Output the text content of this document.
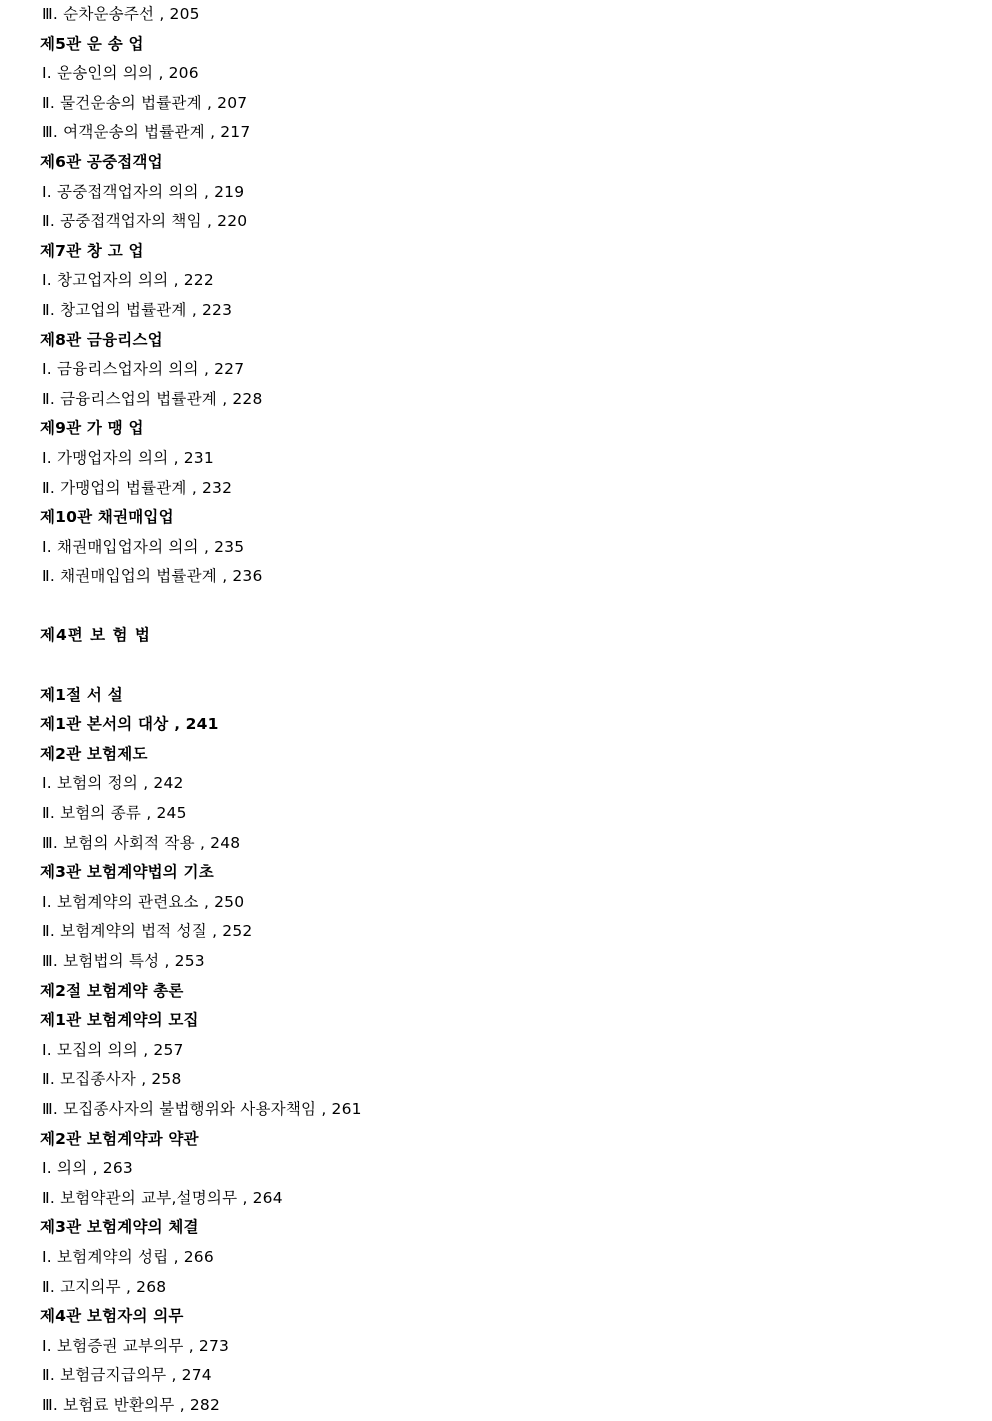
Ⅲ. 순차운송주선 ‚ 205
제5관 운 송 업
Ⅰ. 운송인의 의의 ‚ 206
Ⅱ. 물건운송의 법률관계 ‚ 207
Ⅲ. 여객운송의 법률관계 ‚ 217
제6관 공중접객업
Ⅰ. 공중접객업자의 의의 ‚ 219
Ⅱ. 공중접객업자의 책임 ‚ 220
제7관 창 고 업
Ⅰ. 창고업자의 의의 ‚ 222
Ⅱ. 창고업의 법률관계 ‚ 223
제8관 금융리스업
Ⅰ. 금융리스업자의 의의 ‚ 227
Ⅱ. 금융리스업의 법률관계 ‚ 228
제9관 가 맹 업
Ⅰ. 가맹업자의 의의 ‚ 231
Ⅱ. 가맹업의 법률관계 ‚ 232
제10관 채권매입업
Ⅰ. 채권매입업자의 의의 ‚ 235
Ⅱ. 채권매입업의 법률관계 ‚ 236
제4편 보 험 법
제1절 서 설
제1관 본서의 대상 ‚ 241
제2관 보험제도
Ⅰ. 보험의 정의 ‚ 242
Ⅱ. 보험의 종류 ‚ 245
Ⅲ. 보험의 사회적 작용 ‚ 248
제3관 보험계약법의 기초
Ⅰ. 보험계약의 관련요소 ‚ 250
Ⅱ. 보험계약의 법적 성질 ‚ 252
Ⅲ. 보험법의 특성 ‚ 253
제2절 보험계약 총론
제1관 보험계약의 모집
Ⅰ. 모집의 의의 ‚ 257
Ⅱ. 모집종사자 ‚ 258
Ⅲ. 모집종사자의 불법행위와 사용자책임 ‚ 261
제2관 보험계약과 약관
Ⅰ. 의의 ‚ 263
Ⅱ. 보험약관의 교부‚설명의무 ‚ 264
제3관 보험계약의 체결
Ⅰ. 보험계약의 성립 ‚ 266
Ⅱ. 고지의무 ‚ 268
제4관 보험자의 의무
Ⅰ. 보험증권 교부의무 ‚ 273
Ⅱ. 보험금지급의무 ‚ 274
Ⅲ. 보험료 반환의무 ‚ 282
